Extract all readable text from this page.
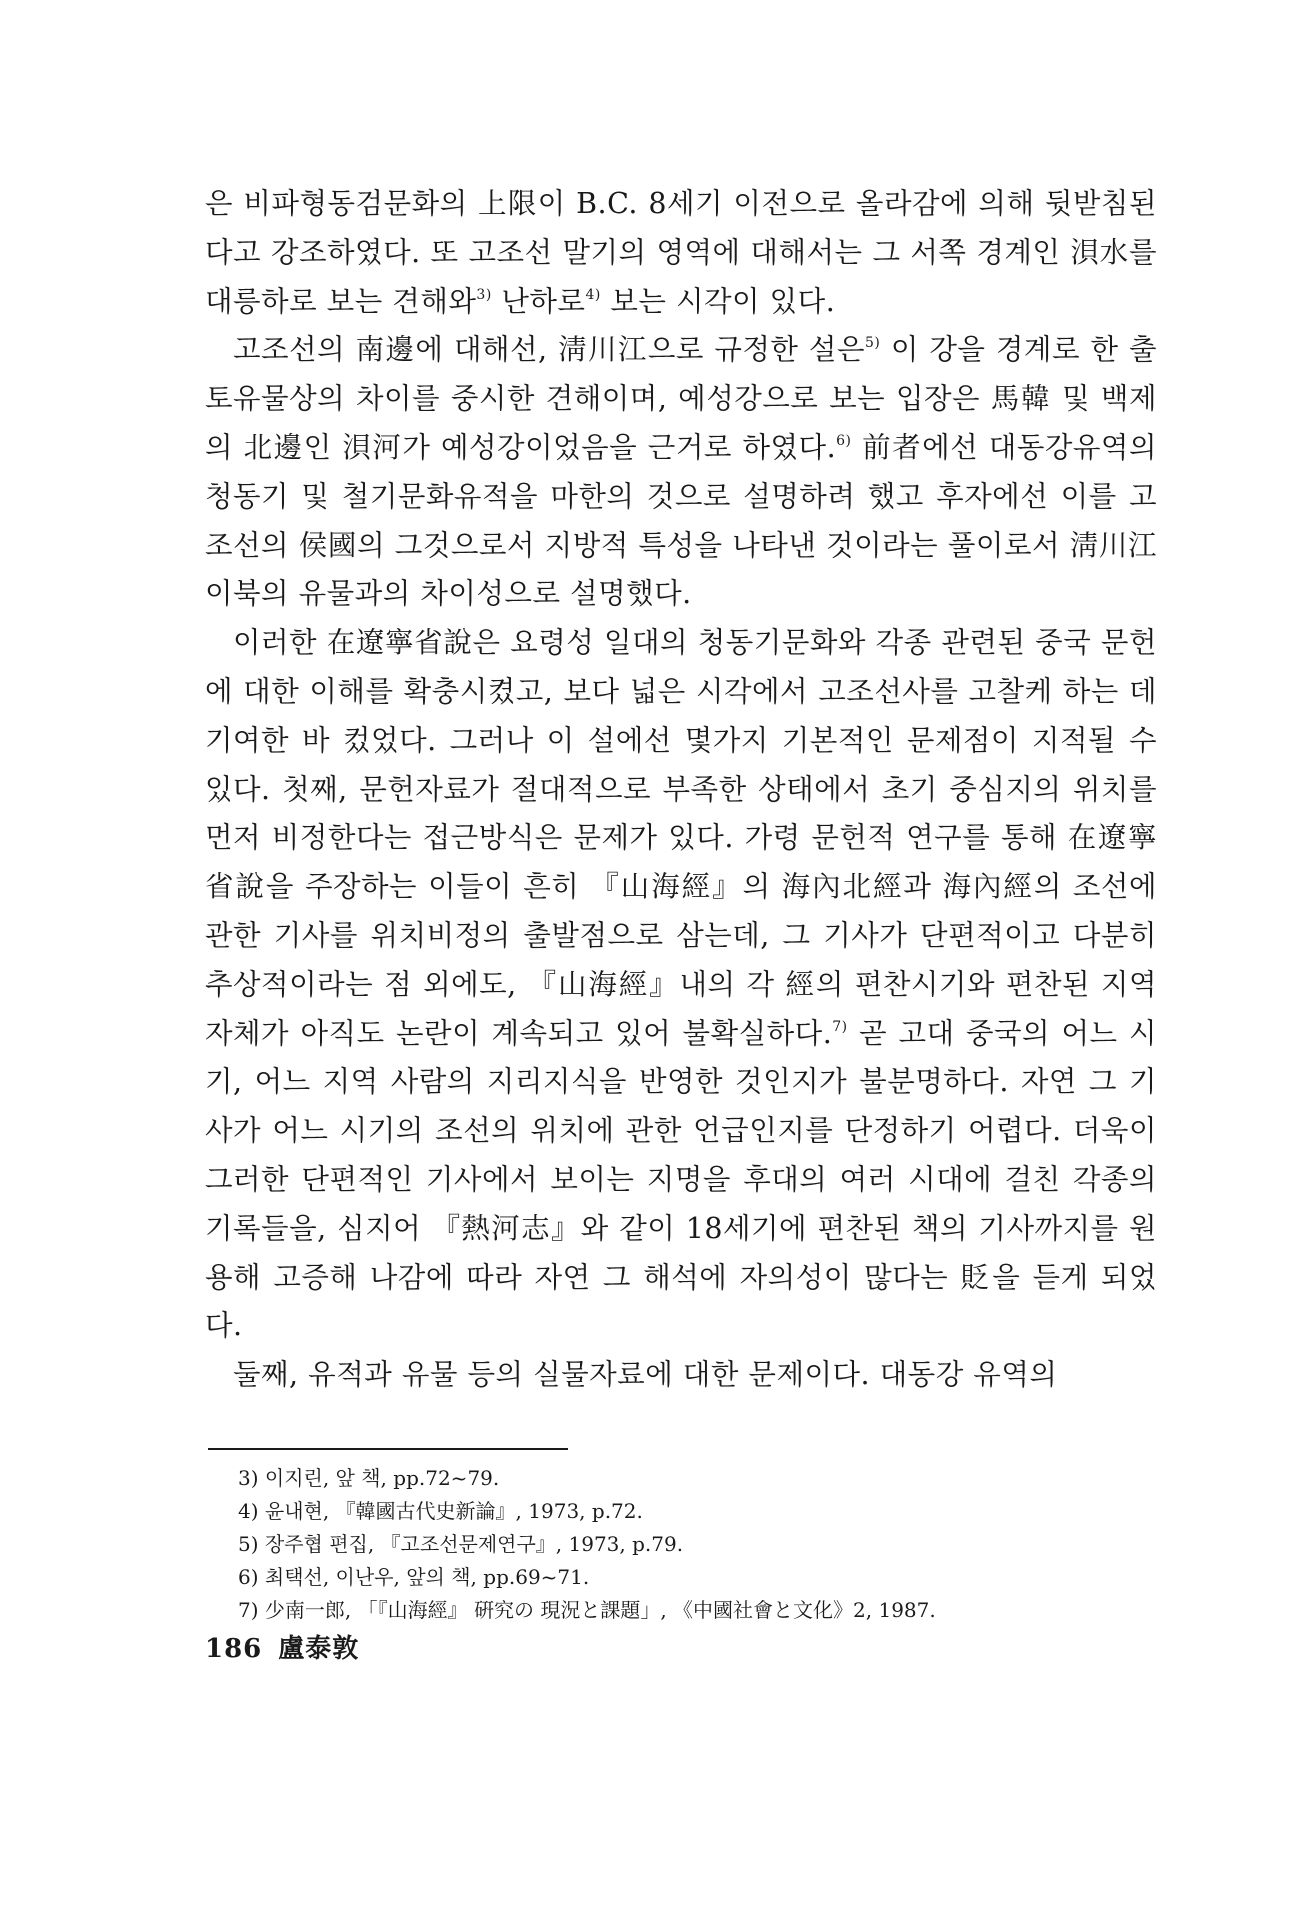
은 비파형동검문화의 上限이 B.C. 8세기 이전으로 올라감에 의해 뒷받침된다고 강조하였다. 또 고조선 말기의 영역에 대해서는 그 서쪽 경계인 浿水를 대릉하로 보는 견해와$^{3)}$ 난하로$^{4)}$ 보는 시각이 있다.

고조선의 南邊에 대해선, 淸川江으로 규정한 설은$^{5)}$ 이 강을 경계로 한 출토유물상의 차이를 중시한 견해이며, 예성강으로 보는 입장은 馬韓 및 백제의 北邊인 浿河가 예성강이었음을 근거로 하였다.$^{6)}$ 前者에선 대동강유역의 청동기 및 철기문화유적을 마한의 것으로 설명하려 했고 후자에선 이를 고조선의 侯國의 그것으로서 지방적 특성을 나타낸 것이라는 풀이로서 淸川江 이북의 유물과의 차이성으로 설명했다.

이러한 在遼寧省說은 요령성 일대의 청동기문화와 각종 관련된 중국 문헌에 대한 이해를 확충시켰고, 보다 넓은 시각에서 고조선사를 고찰케 하는 데 기여한 바 컸었다. 그러나 이 설에선 몇가지 기본적인 문제점이 지적될 수 있다. 첫째, 문헌자료가 절대적으로 부족한 상태에서 초기 중심지의 위치를 먼저 비정한다는 접근방식은 문제가 있다. 가령 문헌적 연구를 통해 在遼寧省說을 주장하는 이들이 흔히 『山海經』의 海內北經과 海內經의 조선에 관한 기사를 위치비정의 출발점으로 삼는데, 그 기사가 단편적이고 다분히 추상적이라는 점 외에도, 『山海經』내의 각 經의 편찬시기와 편찬된 지역 자체가 아직도 논란이 계속되고 있어 불확실하다.$^{7)}$ 곧 고대 중국의 어느 시기, 어느 지역 사람의 지리지식을 반영한 것인지가 불분명하다. 자연 그 기사가 어느 시기의 조선의 위치에 관한 언급인지를 단정하기 어렵다. 더욱이 그러한 단편적인 기사에서 보이는 지명을 후대의 여러 시대에 걸친 각종의 기록들을, 심지어 『熱河志』와 같이 18세기에 편찬된 책의 기사까지를 원용해 고증해 나감에 따라 자연 그 해석에 자의성이 많다는 貶을 듣게 되었다.

둘째, 유적과 유물 등의 실물자료에 대한 문제이다. 대동강 유역의

3) 이지린, 앞 책, pp.72~79.
4) 윤내현, 『韓國古代史新論』, 1973, p.72.
5) 장주협 편집, 『고조선문제연구』, 1973, p.79.
6) 최택선, 이난우, 앞의 책, pp.69~71.
7) 少南一郎, 「『山海經』 硏究の 現況と課題」, 《中國社會と文化》2, 1987.
186 盧泰敦
